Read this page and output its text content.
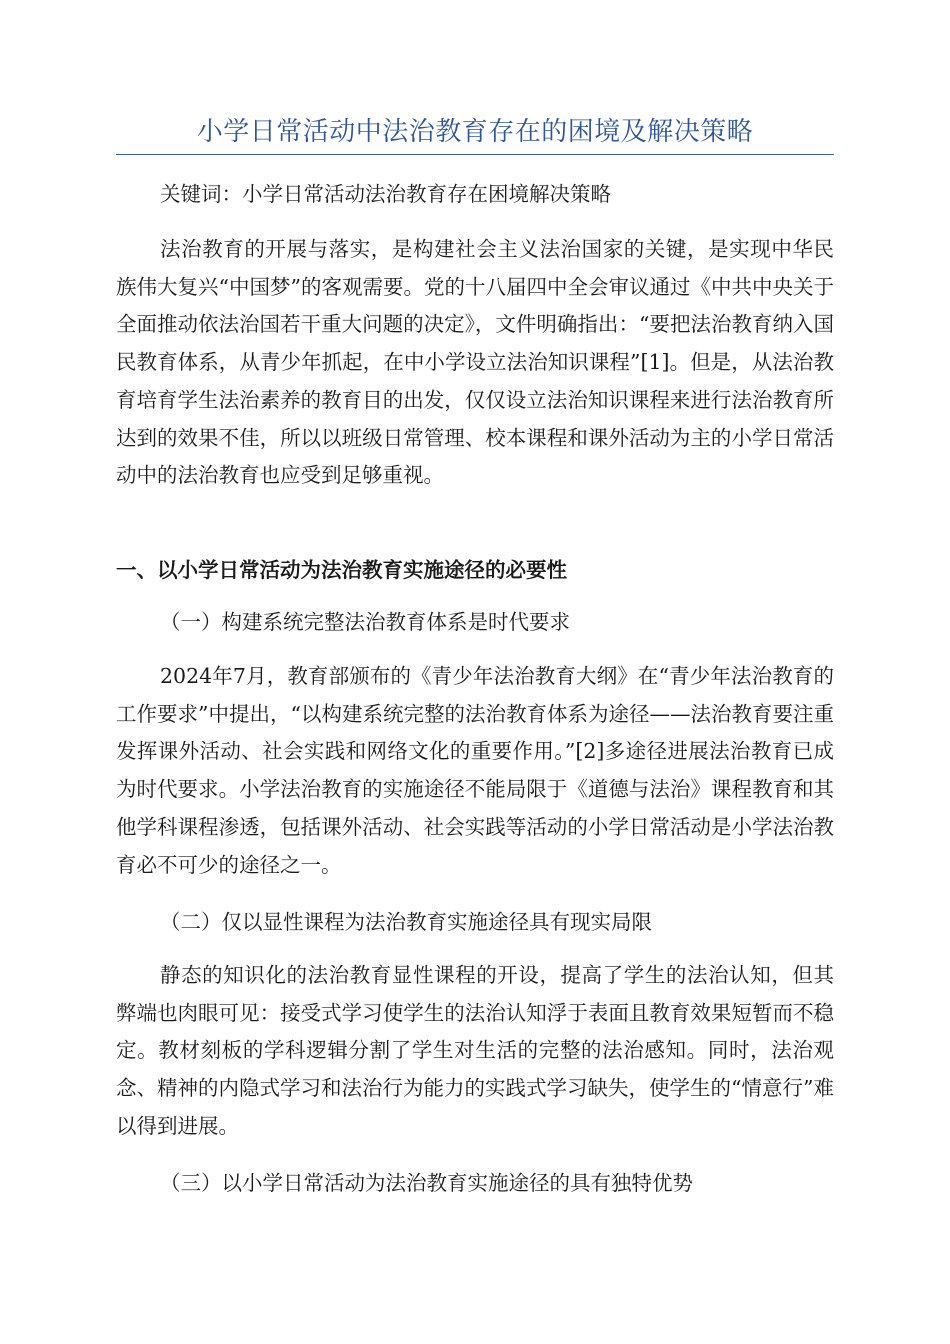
小学日常活动中法治教育存在的困境及解决策略
关键词：小学日常活动法治教育存在困境解决策略

法治教育的开展与落实，是构建社会主义法治国家的关键，是实现中华民族伟大复兴“中国梦”的客观需要。党的十八届四中全会审议通过《中共中央关于全面推动依法治国若干重大问题的决定》，文件明确指出：“要把法治教育纳入国民教育体系，从青少年抓起，在中小学设立法治知识课程”[1]。但是，从法治教育培育学生法治素养的教育目的出发，仅仅设立法治知识课程来进行法治教育所达到的效果不佳，所以以班级日常管理、校本课程和课外活动为主的小学日常活动中的法治教育也应受到足够重视。

一、以小学日常活动为法治教育实施途径的必要性
（一）构建系统完整法治教育体系是时代要求

2024年7月，教育部颁布的《青少年法治教育大纲》在“青少年法治教育的工作要求”中提出，“以构建系统完整的法治教育体系为途径——法治教育要注重发挥课外活动、社会实践和网络文化的重要作用。”[2]多途径进展法治教育已成为时代要求。小学法治教育的实施途径不能局限于《道德与法治》课程教育和其他学科课程渗透，包括课外活动、社会实践等活动的小学日常活动是小学法治教育必不可少的途径之一。

（二）仅以显性课程为法治教育实施途径具有现实局限

静态的知识化的法治教育显性课程的开设，提高了学生的法治认知，但其弊端也肉眼可见：接受式学习使学生的法治认知浮于表面且教育效果短暂而不稳定。教材刻板的学科逻辑分割了学生对生活的完整的法治感知。同时，法治观念、精神的内隐式学习和法治行为能力的实践式学习缺失，使学生的“情意行”难以得到进展。

（三）以小学日常活动为法治教育实施途径的具有独特优势
